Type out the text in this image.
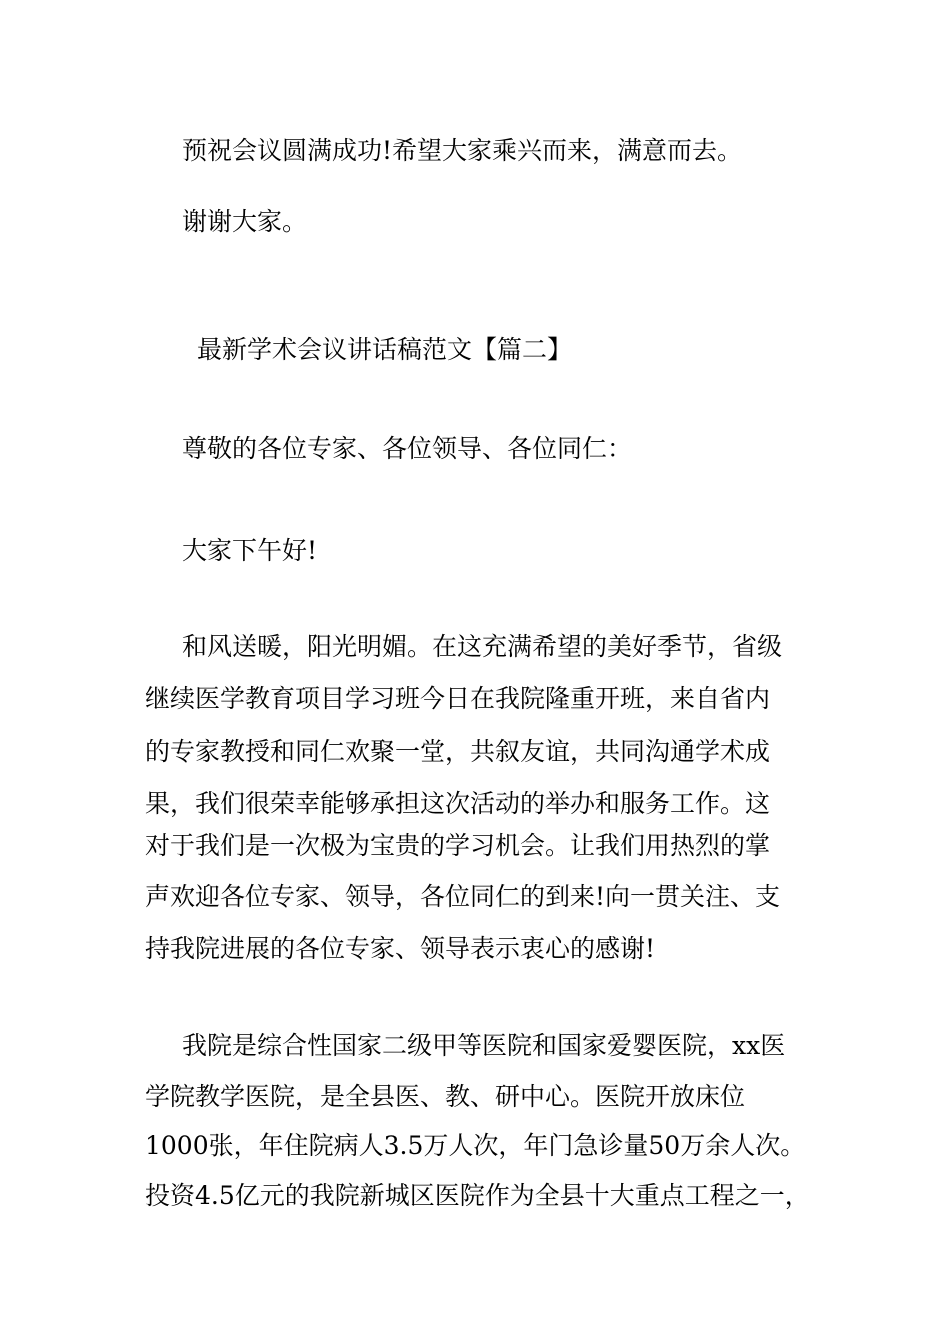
预祝会议圆满成功!希望大家乘兴而来，满意而去。
谢谢大家。
最新学术会议讲话稿范文【篇二】
尊敬的各位专家、各位领导、各位同仁：
大家下午好!
和风送暖，阳光明媚。在这充满希望的美好季节，省级
继续医学教育项目学习班今日在我院隆重开班，来自省内
的专家教授和同仁欢聚一堂，共叙友谊，共同沟通学术成
果，我们很荣幸能够承担这次活动的举办和服务工作。这
对于我们是一次极为宝贵的学习机会。让我们用热烈的掌
声欢迎各位专家、领导，各位同仁的到来!向一贯关注、支
持我院进展的各位专家、领导表示衷心的感谢!
我院是综合性国家二级甲等医院和国家爱婴医院，xx医
学院教学医院，是全县医、教、研中心。医院开放床位
1000张，年住院病人3.5万人次，年门急诊量50万余人次。
投资4.5亿元的我院新城区医院作为全县十大重点工程之一，
